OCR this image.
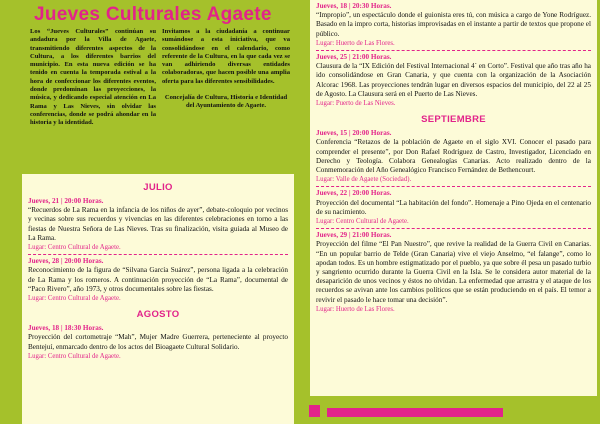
Jueves Culturales Agaete

Los “Jueves Culturales” continúan su andadura por la Villa de Agaete, transmitiendo diferentes aspectos de la Cultura, a los diferentes barrios del municipio. En esta nueva edición se ha tenido en cuenta la temporada estival a la hora de confeccionar los diferentes eventos, donde predominan las proyecciones, la música, y dedicando especial atención en La Rama y Las Nieves, sin olvidar las conferencias, donde se podrá ahondar en la historia y la identidad.

Invitamos a la ciudadanía a continuar sumándose a esta iniciativa, que va consolidándose en el calendario, como referente de la Cultura, en la que cada vez se van adhiriendo diversas entidades colaboradoras, que hacen posible una amplia oferta para las diferentes sensibilidades.

Concejalía de Cultura, Historia e Identidad del Ayuntamiento de Agaete.

JULIO
Jueves, 21 | 20:00 Horas.

“Recuerdos de La Rama en la infancia de los niños de ayer”, debate-coloquio por vecinos y vecinas sobre sus recuerdos y vivencias en las diferentes celebraciones en torno a las fiestas de Nuestra Señora de Las Nieves. Tras su finalización, visita guiada al Museo de La Rama.

Lugar: Centro Cultural de Agaete.
Jueves, 28 | 20:00 Horas.

Reconocimiento de la figura de “Silvana García Suárez”, persona ligada a la celebración de La Rama y los romeros. A continuación proyección de “La Rama”, documental de “Paco Rivero”, año 1973, y otros documentales sobre las fiestas.

Lugar: Centro Cultural de Agaete.
AGOSTO
Jueves, 18 | 18:30 Horas.

Proyección del cortometraje “Mah”, Mujer Madre Guerrera, perteneciente al proyecto Bentejuí, enmarcado dentro de los actos del Bioagaete Cultural Solidario.

Lugar: Centro Cultural de Agaete.
Jueves, 18 | 20:30 Horas.

“Impropio”, un espectáculo donde el guionista eres tú, con música a cargo de Yone Rodríguez. Basado en la impro corta, historias improvisadas en el instante a partir de textos que propone el público.

Lugar: Huerto de Las Flores.
Jueves, 25 | 21:00 Horas.

Clausura de la “IX Edición del Festival Internacional 4´ en Corto”. Festival que año tras año ha ido consolidándose en Gran Canaria, y que cuenta con la organización de la Asociación Alcorac 1968. Las proyecciones tendrán lugar en diversos espacios del municipio, del 22 al 25 de Agosto. La Clausura será en el Puerto de Las Nieves.

Lugar: Puerto de Las Nieves.
SEPTIEMBRE
Jueves, 15 | 20:00 Horas.

Conferencia “Retazos de la población de Agaete en el siglo XVI. Conocer el pasado para comprender el presente”, por Don Rafael Rodríguez de Castro, Investigador, Licenciado en Derecho y Teología. Colabora Genealogías Canarias. Acto realizado dentro de la Conmemoración del Año Genealógico Francisco Fernández de Bethencourt.

Lugar: Valle de Agaete (Sociedad).
Jueves, 22 | 20:00 Horas.

Proyección del documental “La habitación del fondo”. Homenaje a Pino Ojeda en el centenario de su nacimiento.

Lugar: Centro Cultural de Agaete.
Jueves, 29 | 21:00 Horas.

Proyección del filme “El Pan Nuestro”, que revive la realidad de la Guerra Civil en Canarias. “En un popular barrio de Telde (Gran Canaria) vive el viejo Anselmo, “el falange”, como lo apodan todos. Es un hombre estigmatizado por el pueblo, ya que sobre él pesa un pasado turbio y sangriento ocurrido durante la Guerra Civil en la Isla. Se le considera autor material de la desaparición de unos vecinos y éstos no olvidan. La enfermedad que arrastra y el ataque de los recuerdos se avivan ante los cambios políticos que se están produciendo en el país. El temor a revivir el pasado le hace tomar una decisión”.

Lugar: Huerto de Las Flores.
